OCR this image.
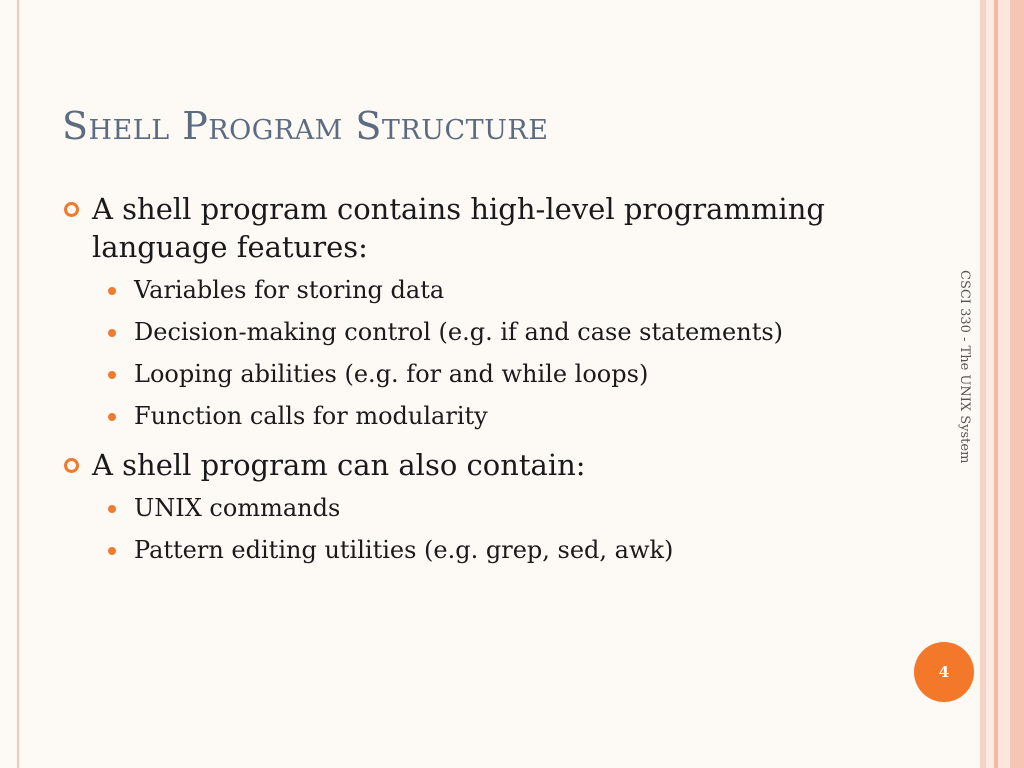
Shell Program Structure
A shell program contains high-level programming language features:
Variables for storing data
Decision-making control (e.g. if and case statements)
Looping abilities (e.g. for and while loops)
Function calls for modularity
A shell program can also contain:
UNIX commands
Pattern editing utilities (e.g. grep, sed, awk)
CSCI 330 - The UNIX System
4
